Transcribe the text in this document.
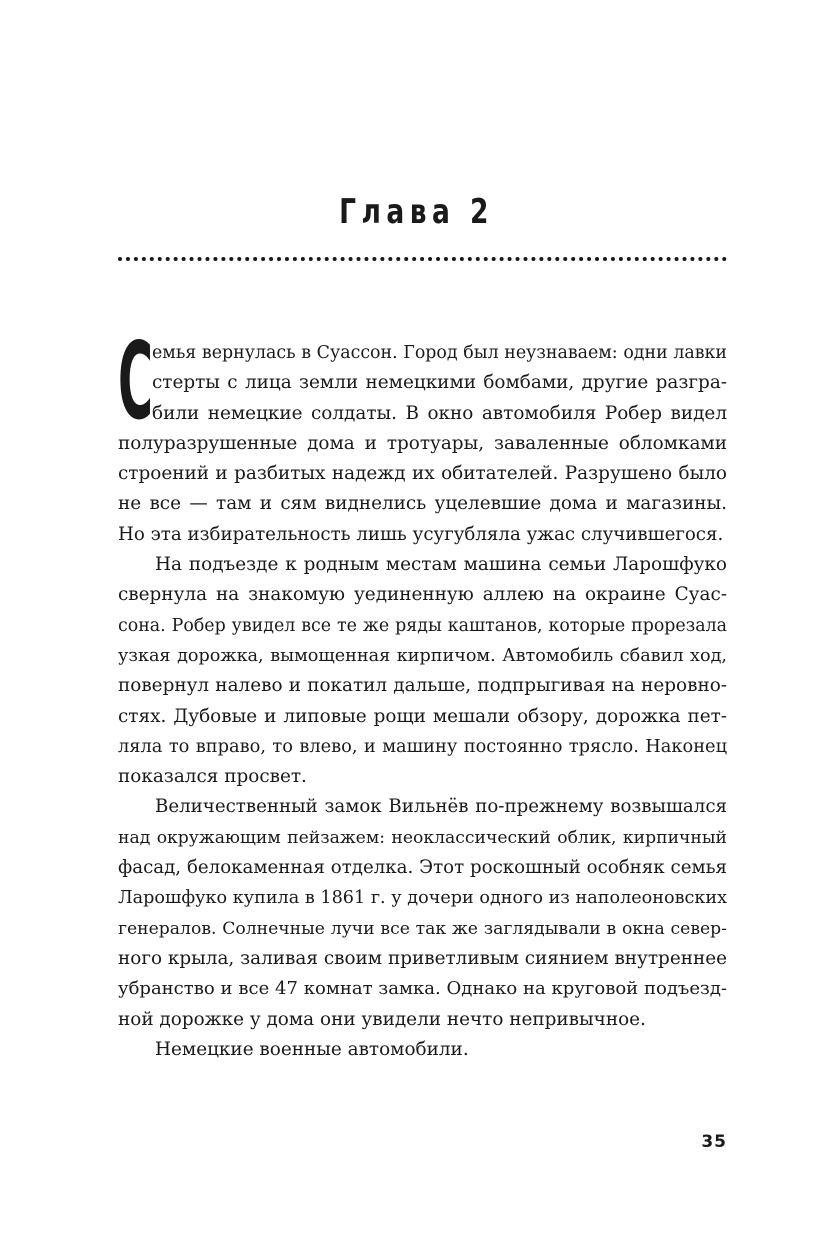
Глава 2
С
емья вернулась в Суассон. Город был неузнаваем: одни лавки
стерты с лица земли немецкими бомбами, другие разгра-
били немецкие солдаты. В окно автомобиля Робер видел
полуразрушенные дома и тротуары, заваленные обломками
строений и разбитых надежд их обитателей. Разрушено было
не все — там и сям виднелись уцелевшие дома и магазины.
Но эта избирательность лишь усугубляла ужас случившегося.
На подъезде к родным местам машина семьи Ларошфуко
свернула на знакомую уединенную аллею на окраине Суас-
сона. Робер увидел все те же ряды каштанов, которые прорезала
узкая дорожка, вымощенная кирпичом. Автомобиль сбавил ход,
повернул налево и покатил дальше, подпрыгивая на неровно-
стях. Дубовые и липовые рощи мешали обзору, дорожка пет-
ляла то вправо, то влево, и машину постоянно трясло. Наконец
показался просвет.
Величественный замок Вильнёв по-прежнему возвышался
над окружающим пейзажем: неоклассический облик, кирпичный
фасад, белокаменная отделка. Этот роскошный особняк семья
Ларошфуко купила в 1861 г. у дочери одного из наполеоновских
генералов. Солнечные лучи все так же заглядывали в окна север-
ного крыла, заливая своим приветливым сиянием внутреннее
убранство и все 47 комнат замка. Однако на круговой подъезд-
ной дорожке у дома они увидели нечто непривычное.
Немецкие военные автомобили.
35
